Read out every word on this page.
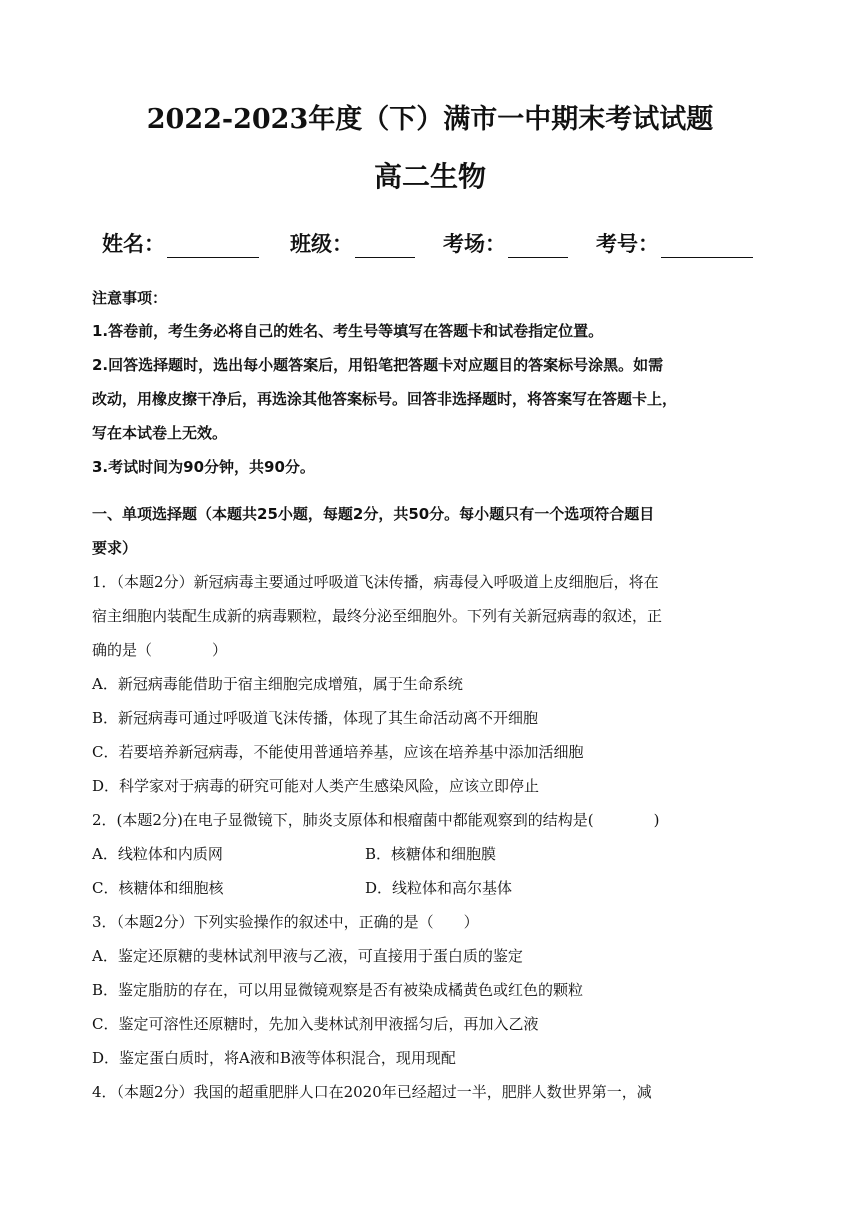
2022-2023年度（下）满市一中期末考试试题
高二生物
姓名：	班级：	考场：	考号：
注意事项：
1.答卷前，考生务必将自己的姓名、考生号等填写在答题卡和试卷指定位置。
2.回答选择题时，选出每小题答案后，用铅笔把答题卡对应题目的答案标号涂黑。如需
改动，用橡皮擦干净后，再选涂其他答案标号。回答非选择题时，将答案写在答题卡上，
写在本试卷上无效。
3.考试时间为90分钟，共90分。
一、单项选择题（本题共25小题，每题2分，共50分。每小题只有一个选项符合题目
要求）
1．（本题2分）新冠病毒主要通过呼吸道飞沫传播，病毒侵入呼吸道上皮细胞后，将在
宿主细胞内装配生成新的病毒颗粒，最终分泌至细胞外。下列有关新冠病毒的叙述，正
确的是（　　　　）
A．新冠病毒能借助于宿主细胞完成增殖，属于生命系统
B．新冠病毒可通过呼吸道飞沫传播，体现了其生命活动离不开细胞
C．若要培养新冠病毒，不能使用普通培养基，应该在培养基中添加活细胞
D．科学家对于病毒的研究可能对人类产生感染风险，应该立即停止
2．(本题2分)在电子显微镜下，肺炎支原体和根瘤菌中都能观察到的结构是(　　　　)
A．线粒体和内质网	B．核糖体和细胞膜
C．核糖体和细胞核	D．线粒体和高尔基体
3．（本题2分）下列实验操作的叙述中，正确的是（　　）
A．鉴定还原糖的斐林试剂甲液与乙液，可直接用于蛋白质的鉴定
B．鉴定脂肪的存在，可以用显微镜观察是否有被染成橘黄色或红色的颗粒
C．鉴定可溶性还原糖时，先加入斐林试剂甲液摇匀后，再加入乙液
D．鉴定蛋白质时，将A液和B液等体积混合，现用现配
4．（本题2分）我国的超重肥胖人口在2020年已经超过一半，肥胖人数世界第一，减
